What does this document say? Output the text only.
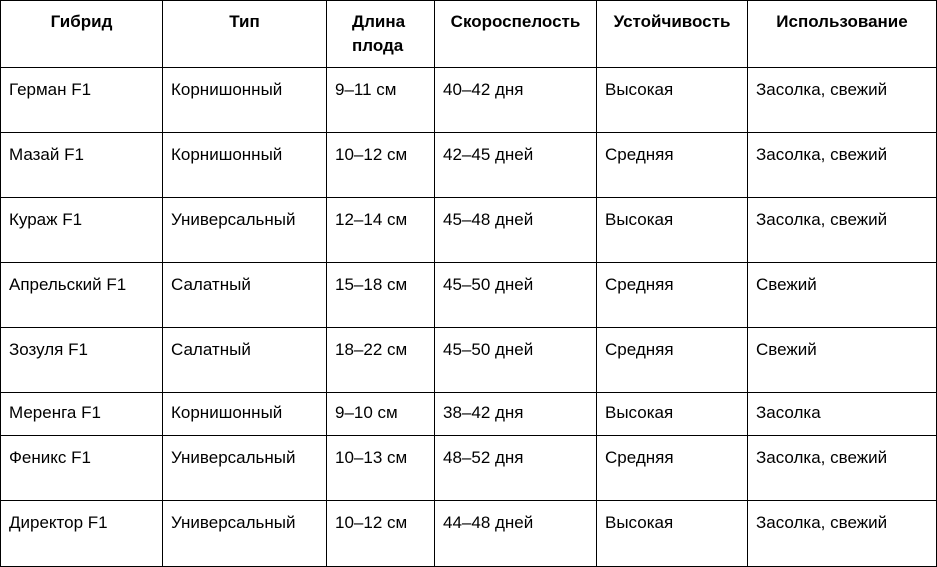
Гибрид	Тип	Длина плода	Скороспелость	Устойчивость	Использование
Герман F1	Корнишонный	9–11 см	40–42 дня	Высокая	Засолка, свежий
Мазай F1	Корнишонный	10–12 см	42–45 дней	Средняя	Засолка, свежий
Кураж F1	Универсальный	12–14 см	45–48 дней	Высокая	Засолка, свежий
Апрельский F1	Салатный	15–18 см	45–50 дней	Средняя	Свежий
Зозуля F1	Салатный	18–22 см	45–50 дней	Средняя	Свежий
Меренга F1	Корнишонный	9–10 см	38–42 дня	Высокая	Засолка
Феникс F1	Универсальный	10–13 см	48–52 дня	Средняя	Засолка, свежий
Директор F1	Универсальный	10–12 см	44–48 дней	Высокая	Засолка, свежий
